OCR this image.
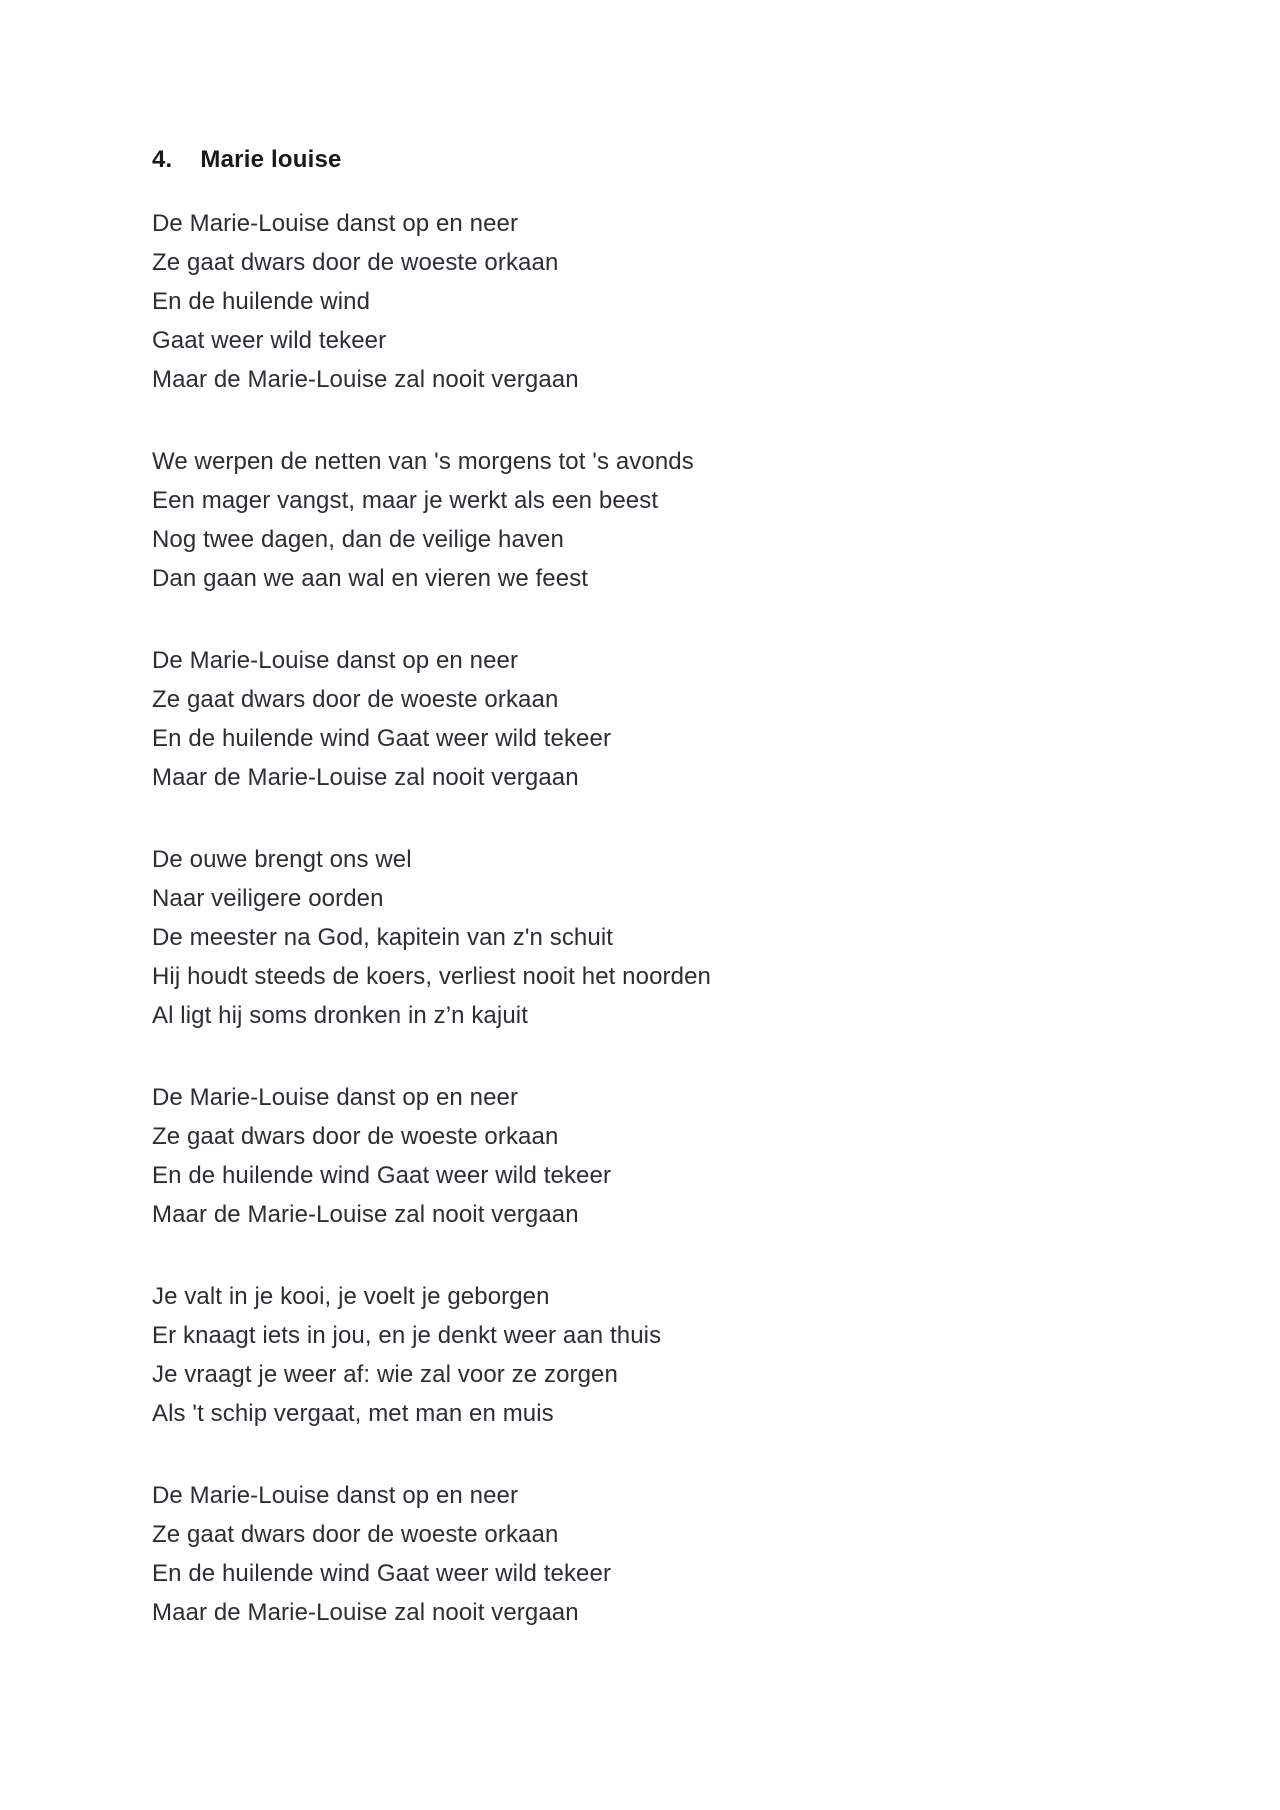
4. Marie louise

De Marie-Louise danst op en neer

Ze gaat dwars door de woeste orkaan

En de huilende wind

Gaat weer wild tekeer

Maar de Marie-Louise zal nooit vergaan

We werpen de netten van 's morgens tot 's avonds

Een mager vangst, maar je werkt als een beest

Nog twee dagen, dan de veilige haven

Dan gaan we aan wal en vieren we feest

De Marie-Louise danst op en neer

Ze gaat dwars door de woeste orkaan

En de huilende wind Gaat weer wild tekeer

Maar de Marie-Louise zal nooit vergaan

De ouwe brengt ons wel

Naar veiligere oorden

De meester na God, kapitein van z'n schuit

Hij houdt steeds de koers, verliest nooit het noorden

Al ligt hij soms dronken in z’n kajuit

De Marie-Louise danst op en neer

Ze gaat dwars door de woeste orkaan

En de huilende wind Gaat weer wild tekeer

Maar de Marie-Louise zal nooit vergaan

Je valt in je kooi, je voelt je geborgen

Er knaagt iets in jou, en je denkt weer aan thuis

Je vraagt je weer af: wie zal voor ze zorgen

Als 't schip vergaat, met man en muis

De Marie-Louise danst op en neer

Ze gaat dwars door de woeste orkaan

En de huilende wind Gaat weer wild tekeer

Maar de Marie-Louise zal nooit vergaan
